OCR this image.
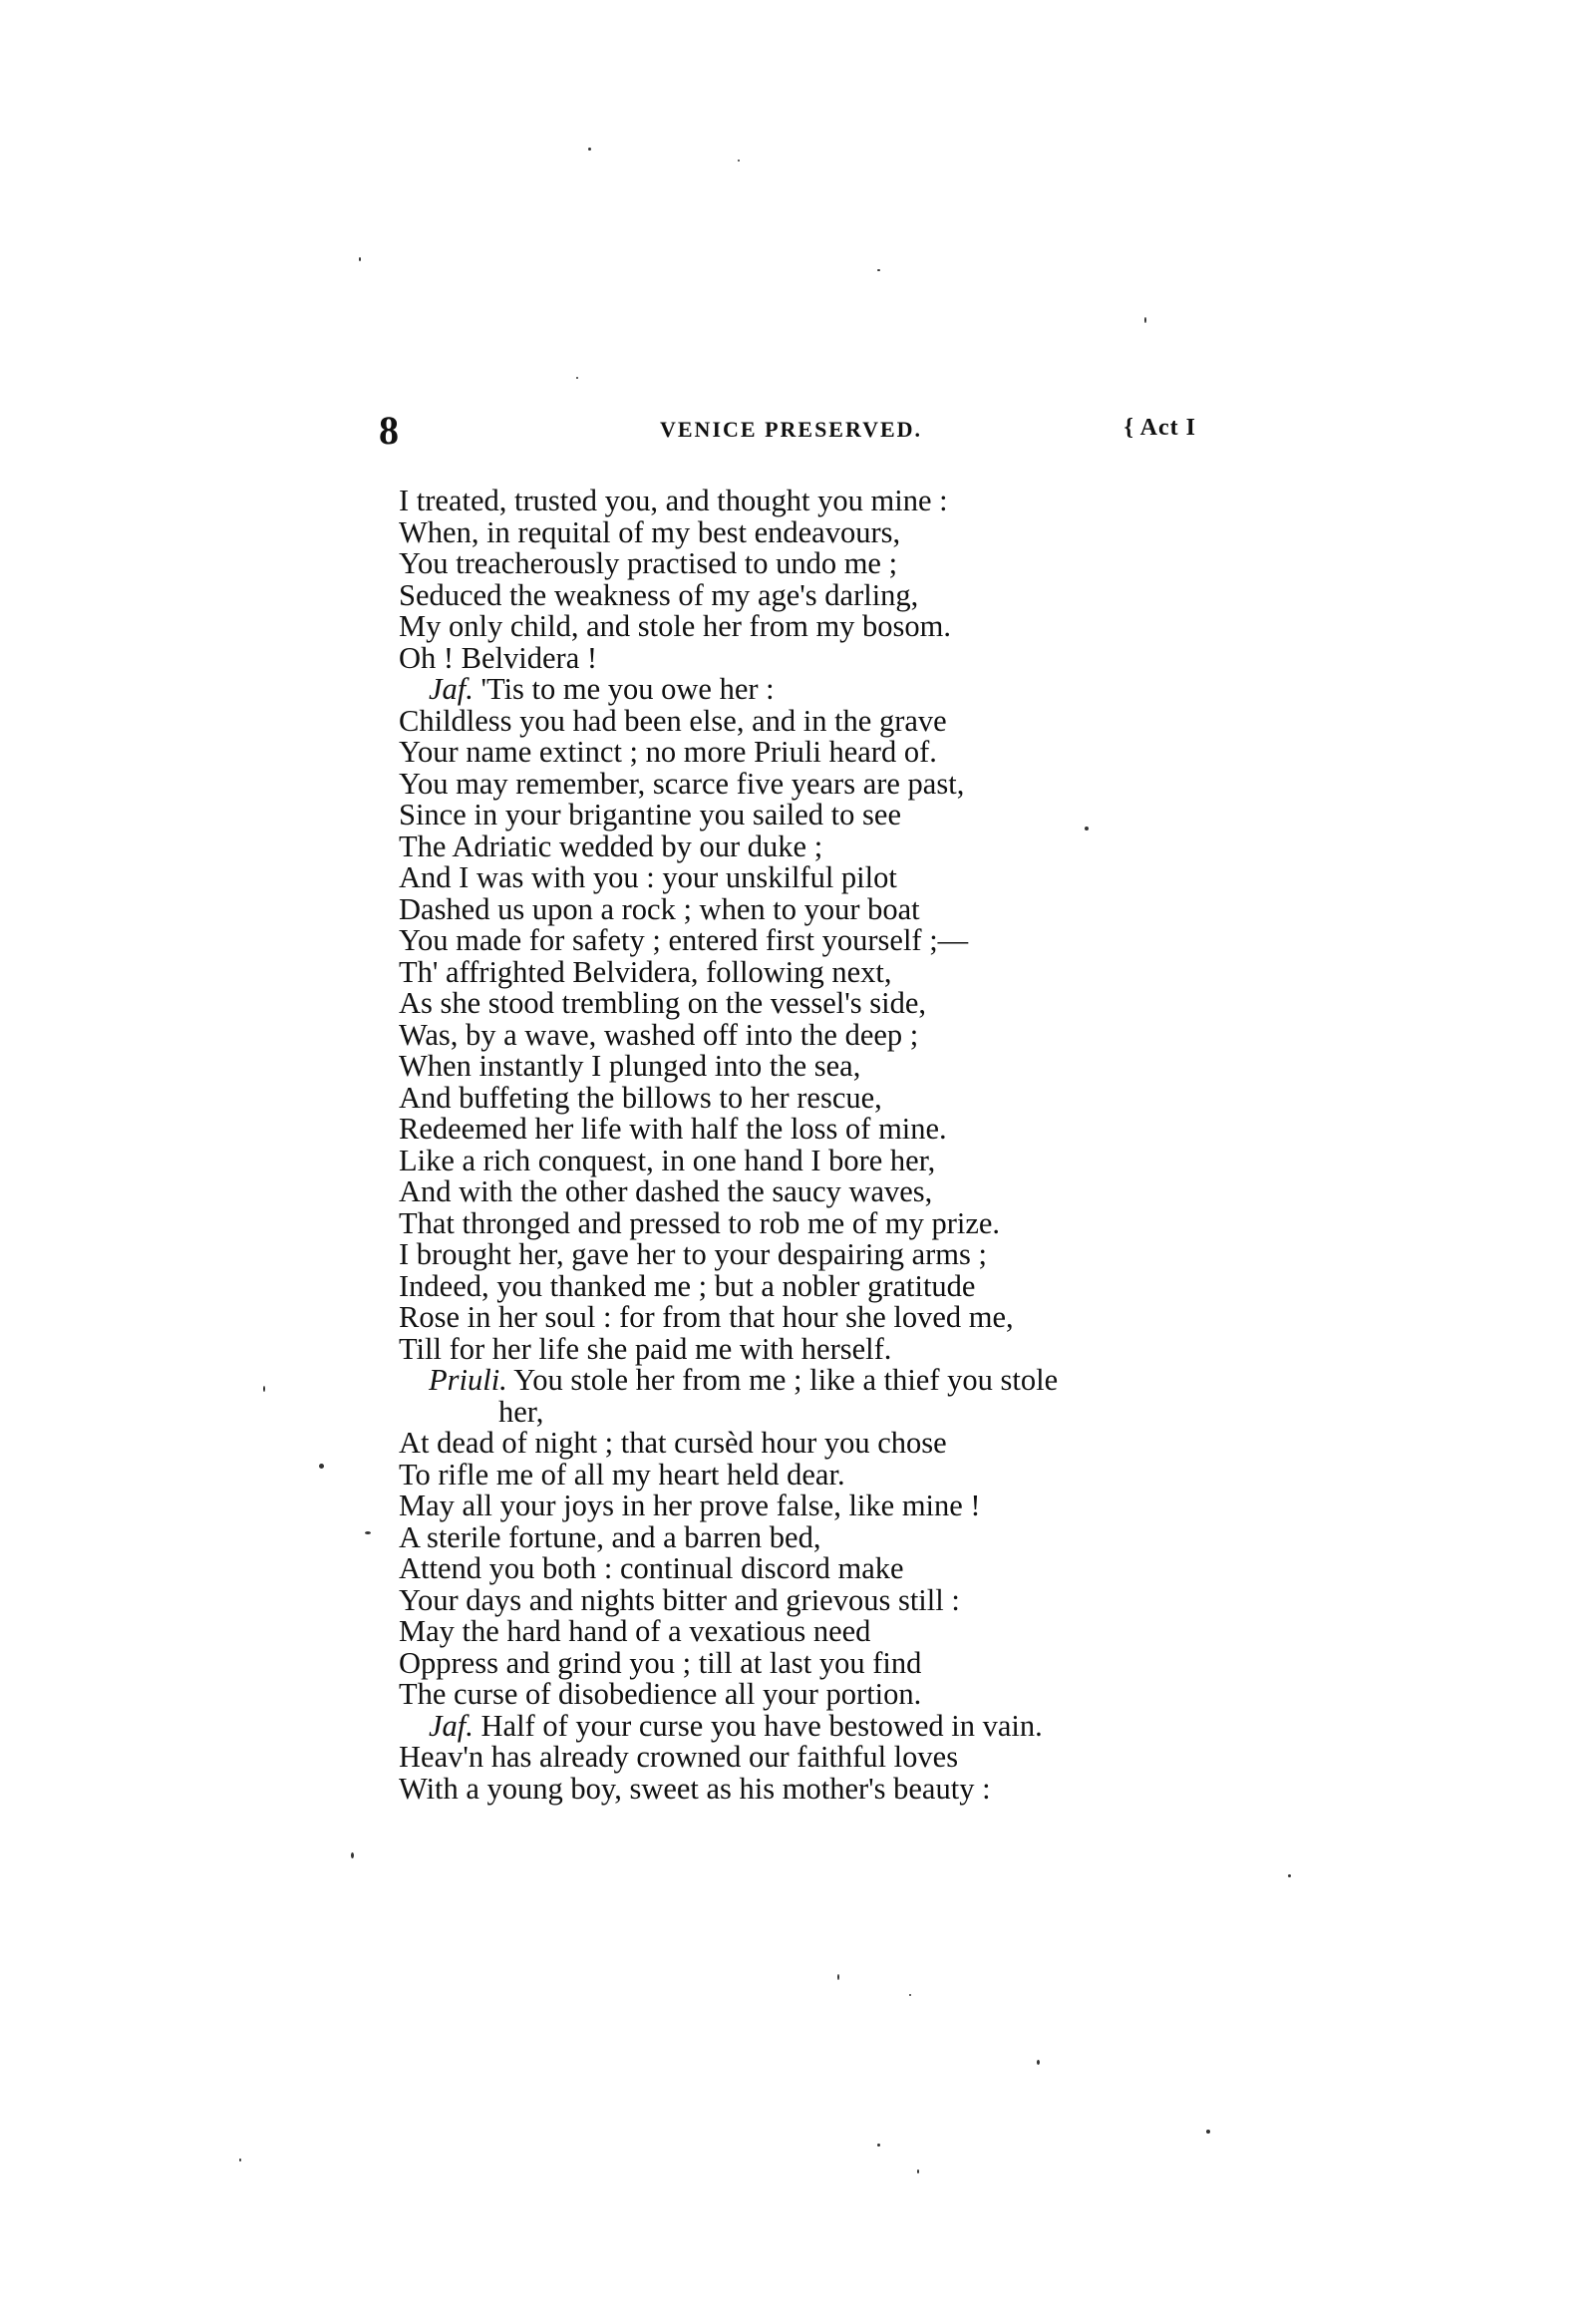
8	VENICE PRESERVED.	{ Act I
I treated, trusted you, and thought you mine :
When, in requital of my best endeavours,
You treacherously practised to undo me ;
Seduced the weakness of my age's darling,
My only child, and stole her from my bosom.
Oh ! Belvidera !
Jaf. 'Tis to me you owe her :
Childless you had been else, and in the grave
Your name extinct ; no more Priuli heard of.
You may remember, scarce five years are past,
Since in your brigantine you sailed to see
The Adriatic wedded by our duke ;
And I was with you : your unskilful pilot
Dashed us upon a rock ; when to your boat
You made for safety ; entered first yourself ;—
Th' affrighted Belvidera, following next,
As she stood trembling on the vessel's side,
Was, by a wave, washed off into the deep ;
When instantly I plunged into the sea,
And buffeting the billows to her rescue,
Redeemed her life with half the loss of mine.
Like a rich conquest, in one hand I bore her,
And with the other dashed the saucy waves,
That thronged and pressed to rob me of my prize.
I brought her, gave her to your despairing arms ;
Indeed, you thanked me ; but a nobler gratitude
Rose in her soul : for from that hour she loved me,
Till for her life she paid me with herself.
Priuli. You stole her from me ; like a thief you stole
her,
At dead of night ; that cursèd hour you chose
To rifle me of all my heart held dear.
May all your joys in her prove false, like mine !
A sterile fortune, and a barren bed,
Attend you both : continual discord make
Your days and nights bitter and grievous still :
May the hard hand of a vexatious need
Oppress and grind you ; till at last you find
The curse of disobedience all your portion.
Jaf. Half of your curse you have bestowed in vain.
Heav'n has already crowned our faithful loves
With a young boy, sweet as his mother's beauty :
